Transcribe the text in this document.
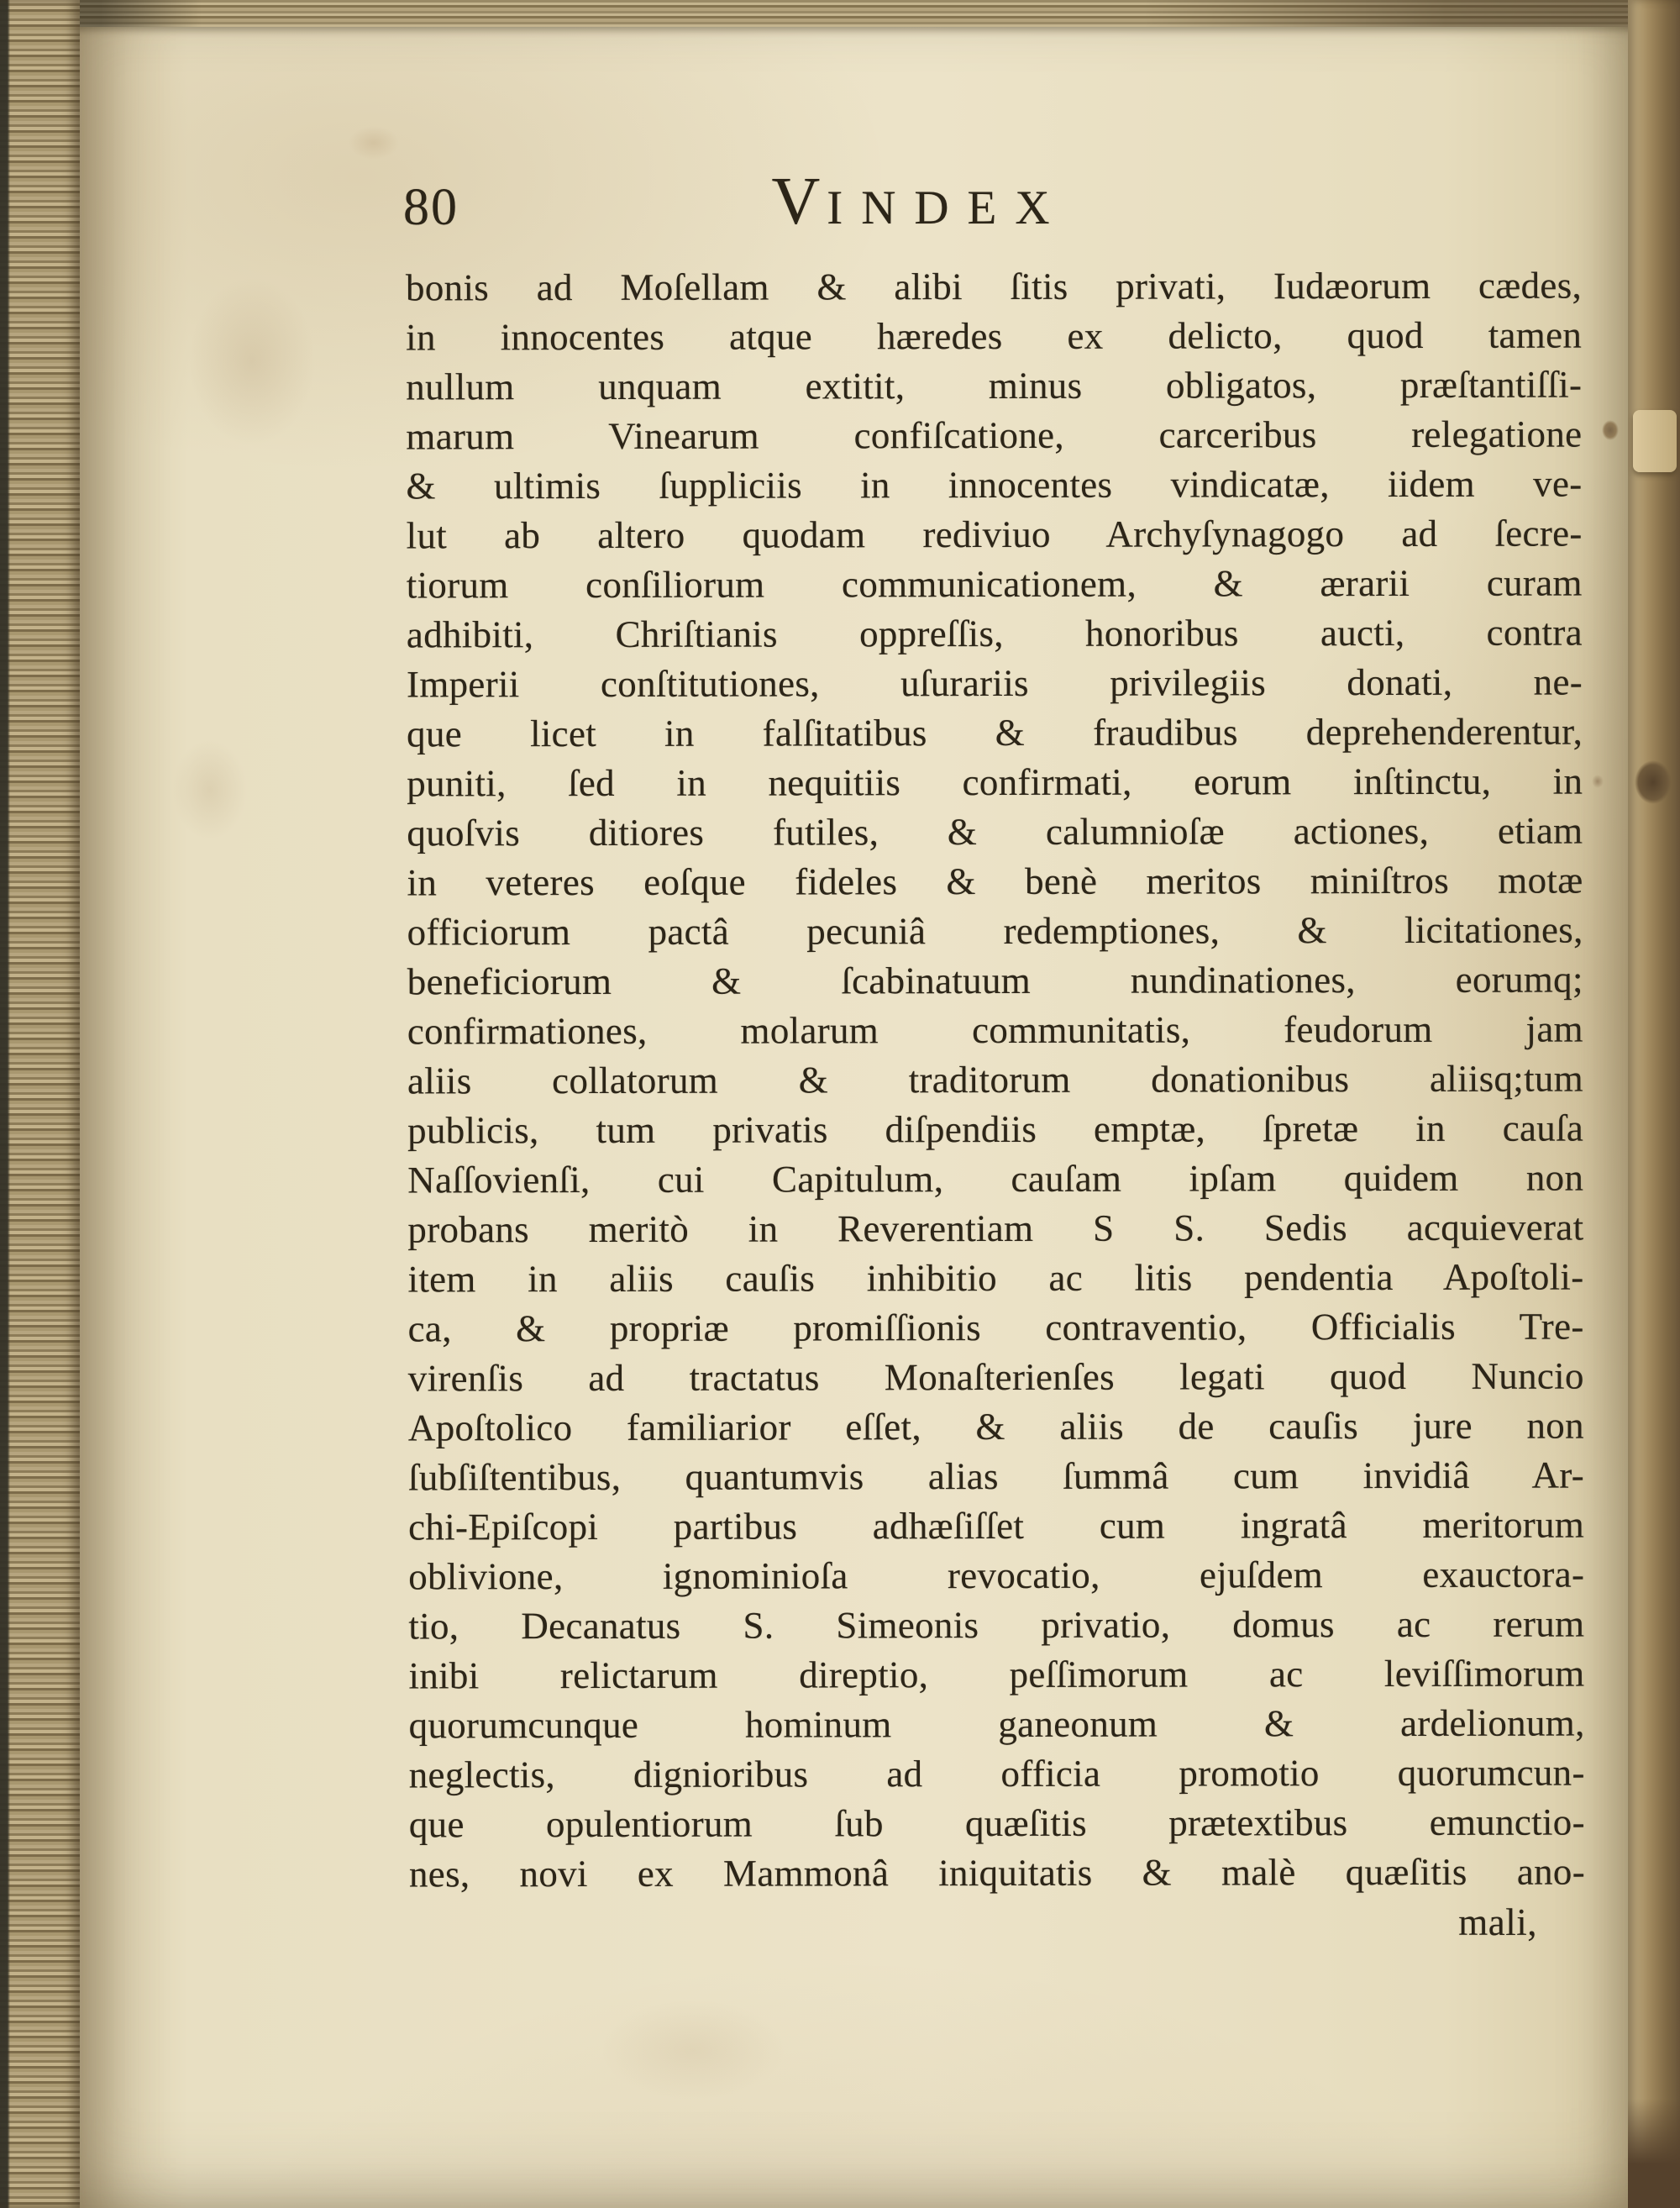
80	VINDEX
bonis ad Moſellam & alibi ſitis privati, Iudæorum cædes,
in innocentes atque hæredes ex delicto, quod tamen
nullum unquam extitit, minus obligatos, præſtantiſſi-
marum Vinearum confiſcatione, carceribus relegatione
& ultimis ſuppliciis in innocentes vindicatæ, iidem ve-
lut ab altero quodam rediviuo Archyſynagogo ad ſecre-
tiorum conſiliorum communicationem, & ærarii curam
adhibiti, Chriſtianis oppreſſis, honoribus aucti, contra
Imperii conſtitutiones, uſurariis privilegiis donati, ne-
que licet in falſitatibus & fraudibus deprehenderentur,
puniti, ſed in nequitiis confirmati, eorum inſtinctu, in
quoſvis ditiores futiles, & calumnioſæ actiones, etiam
in veteres eoſque fideles & benè meritos miniſtros motæ
officiorum pactâ pecuniâ redemptiones, & licitationes,
beneficiorum & ſcabinatuum nundinationes, eorumq;
confirmationes, molarum communitatis, feudorum jam
aliis collatorum & traditorum donationibus aliisq;tum
publicis, tum privatis diſpendiis emptæ, ſpretæ in cauſa
Naſſovienſi, cui Capitulum, cauſam ipſam quidem non
probans meritò in Reverentiam S S. Sedis acquieverat
item in aliis cauſis inhibitio ac litis pendentia Apoſtoli-
ca, & propriæ promiſſionis contraventio, Officialis Tre-
virenſis ad tractatus Monaſterienſes legati quod Nuncio
Apoſtolico familiarior eſſet, & aliis de cauſis jure non
ſubſiſtentibus, quantumvis alias ſummâ cum invidiâ Ar-
chi-Epiſcopi partibus adhæſiſſet cum ingratâ meritorum
oblivione, ignominioſa revocatio, ejuſdem exauctora-
tio, Decanatus S. Simeonis privatio, domus ac rerum
inibi relictarum direptio, peſſimorum ac leviſſimorum
quorumcunque hominum ganeonum & ardelionum,
neglectis, dignioribus ad officia promotio quorumcun-
que opulentiorum ſub quæſitis prætextibus emunctio-
nes, novi ex Mammonâ iniquitatis & malè quæſitis ano-
mali,
